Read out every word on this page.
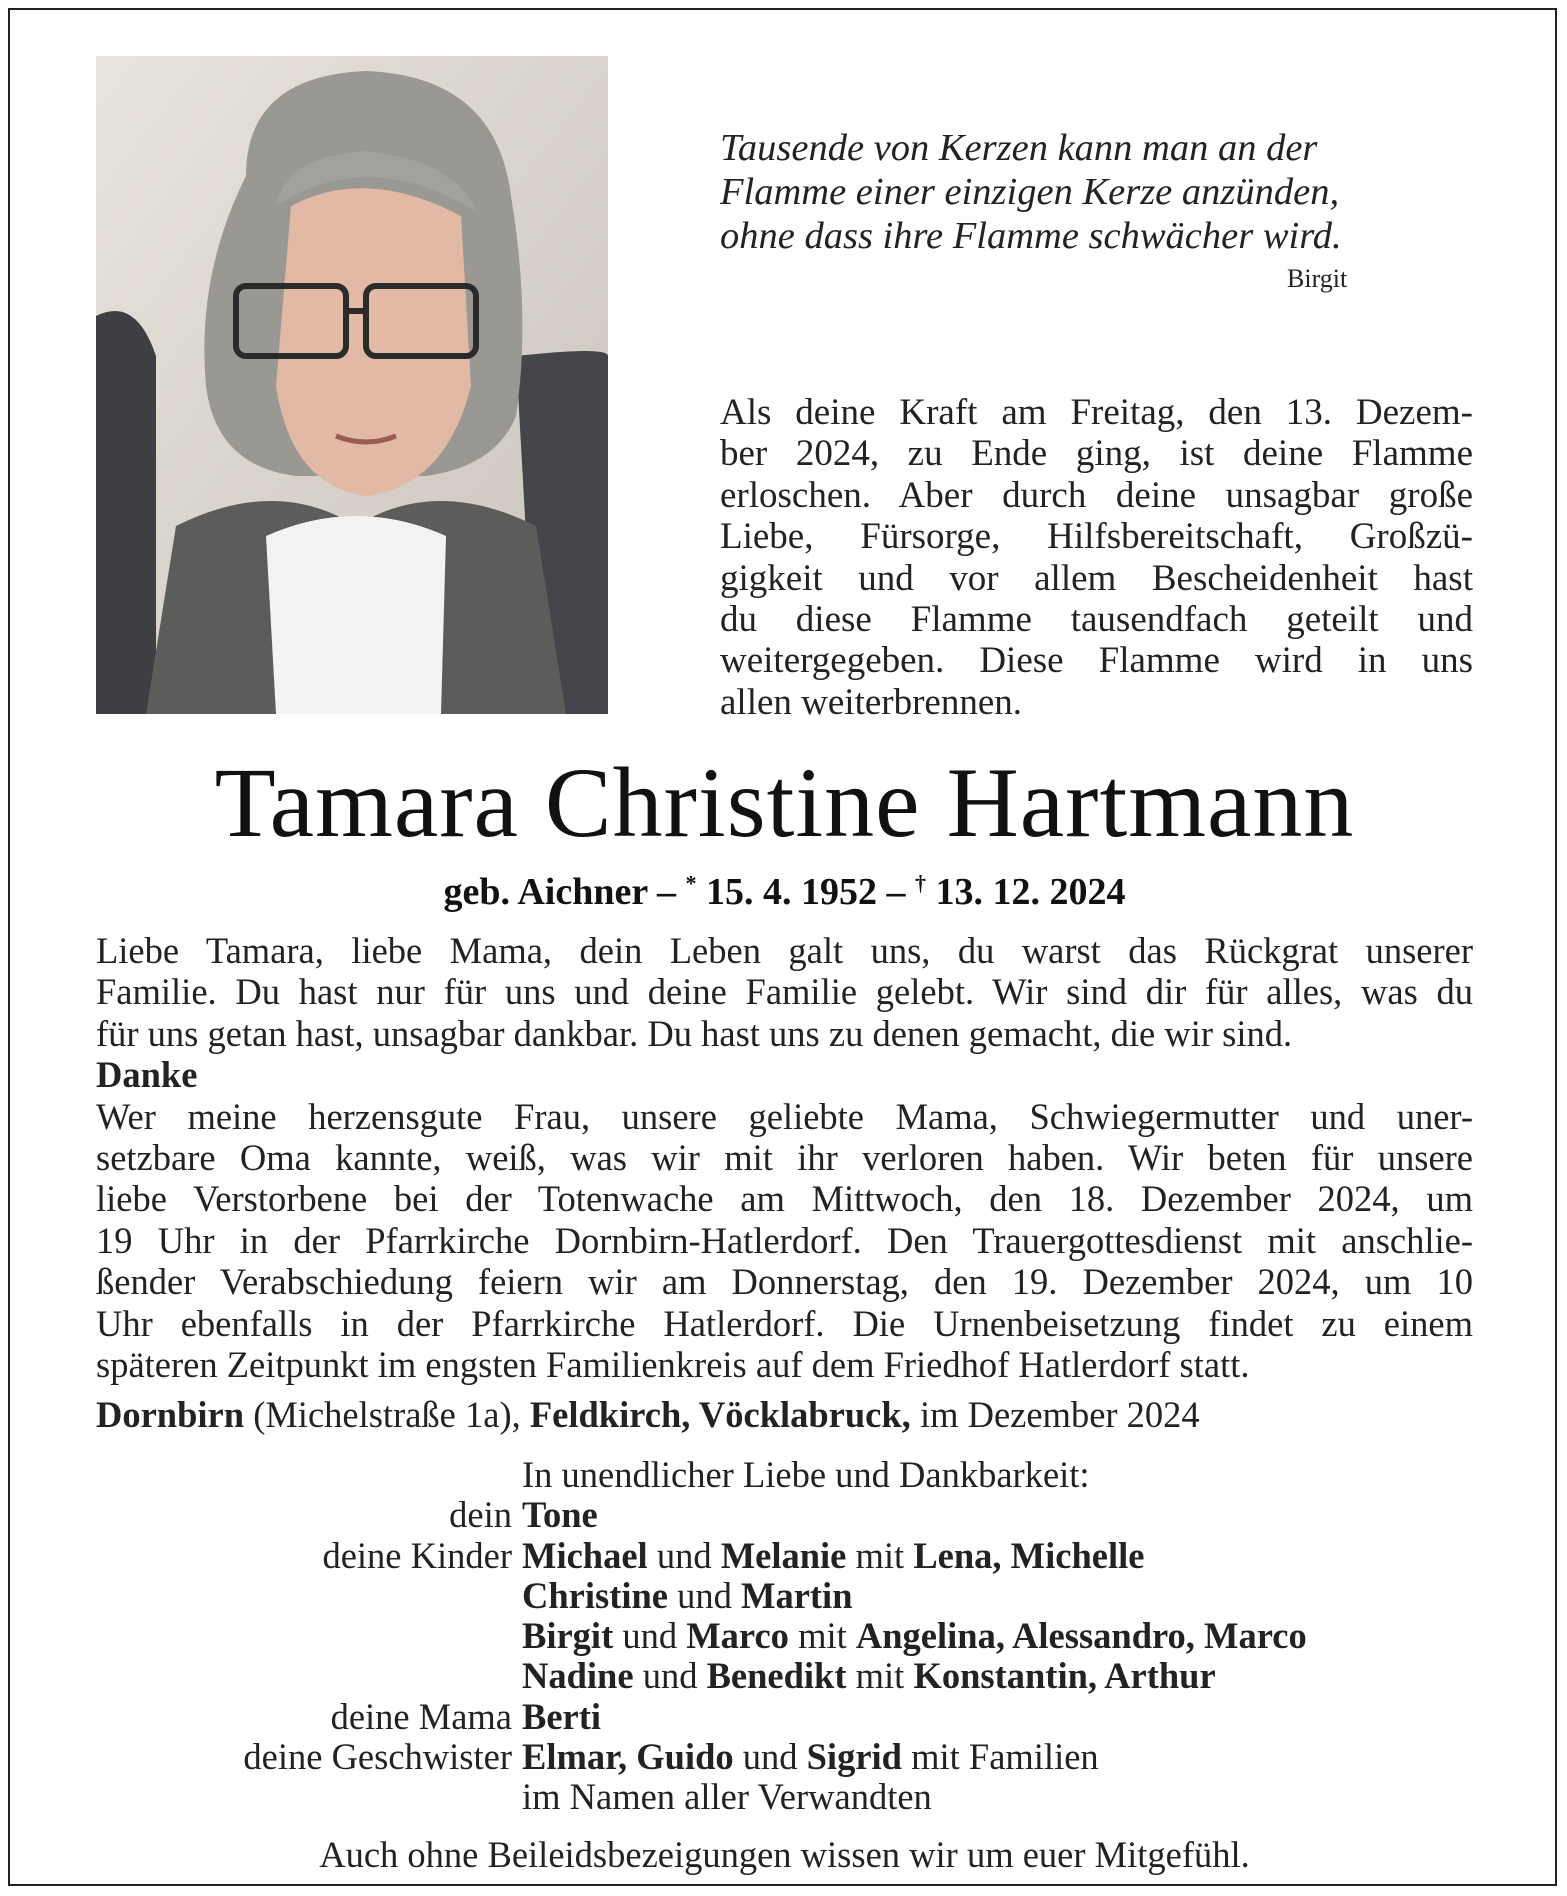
Tausende von Kerzen kann man an der
Flamme einer einzigen Kerze anzünden,
ohne dass ihre Flamme schwächer wird.
Birgit
Als deine Kraft am Freitag, den 13. Dezem-
ber 2024, zu Ende ging, ist deine Flamme
erloschen. Aber durch deine unsagbar große
Liebe, Fürsorge, Hilfsbereitschaft, Großzü-
gigkeit und vor allem Bescheidenheit hast
du diese Flamme tausendfach geteilt und
weitergegeben. Diese Flamme wird in uns
allen weiterbrennen.
Tamara Christine Hartmann
geb. Aichner – * 15. 4. 1952 – † 13. 12. 2024
Liebe Tamara, liebe Mama, dein Leben galt uns, du warst das Rückgrat unserer
Familie. Du hast nur für uns und deine Familie gelebt. Wir sind dir für alles, was du
für uns getan hast, unsagbar dankbar. Du hast uns zu denen gemacht, die wir sind.
Danke
Wer meine herzensgute Frau, unsere geliebte Mama, Schwiegermutter und uner-
setzbare Oma kannte, weiß, was wir mit ihr verloren haben. Wir beten für unsere
liebe Verstorbene bei der Totenwache am Mittwoch, den 18. Dezember 2024, um
19 Uhr in der Pfarrkirche Dornbirn-Hatlerdorf. Den Trauergottesdienst mit anschlie-
ßender Verabschiedung feiern wir am Donnerstag, den 19. Dezember 2024, um 10
Uhr ebenfalls in der Pfarrkirche Hatlerdorf. Die Urnenbeisetzung findet zu einem
späteren Zeitpunkt im engsten Familienkreis auf dem Friedhof Hatlerdorf statt.
Dornbirn (Michelstraße 1a), Feldkirch, Vöcklabruck, im Dezember 2024
In unendlicher Liebe und Dankbarkeit:
dein Tone
deine Kinder Michael und Melanie mit Lena, Michelle
Christine und Martin
Birgit und Marco mit Angelina, Alessandro, Marco
Nadine und Benedikt mit Konstantin, Arthur
deine Mama Berti
deine Geschwister Elmar, Guido und Sigrid mit Familien
im Namen aller Verwandten
Auch ohne Beileidsbezeigungen wissen wir um euer Mitgefühl.
